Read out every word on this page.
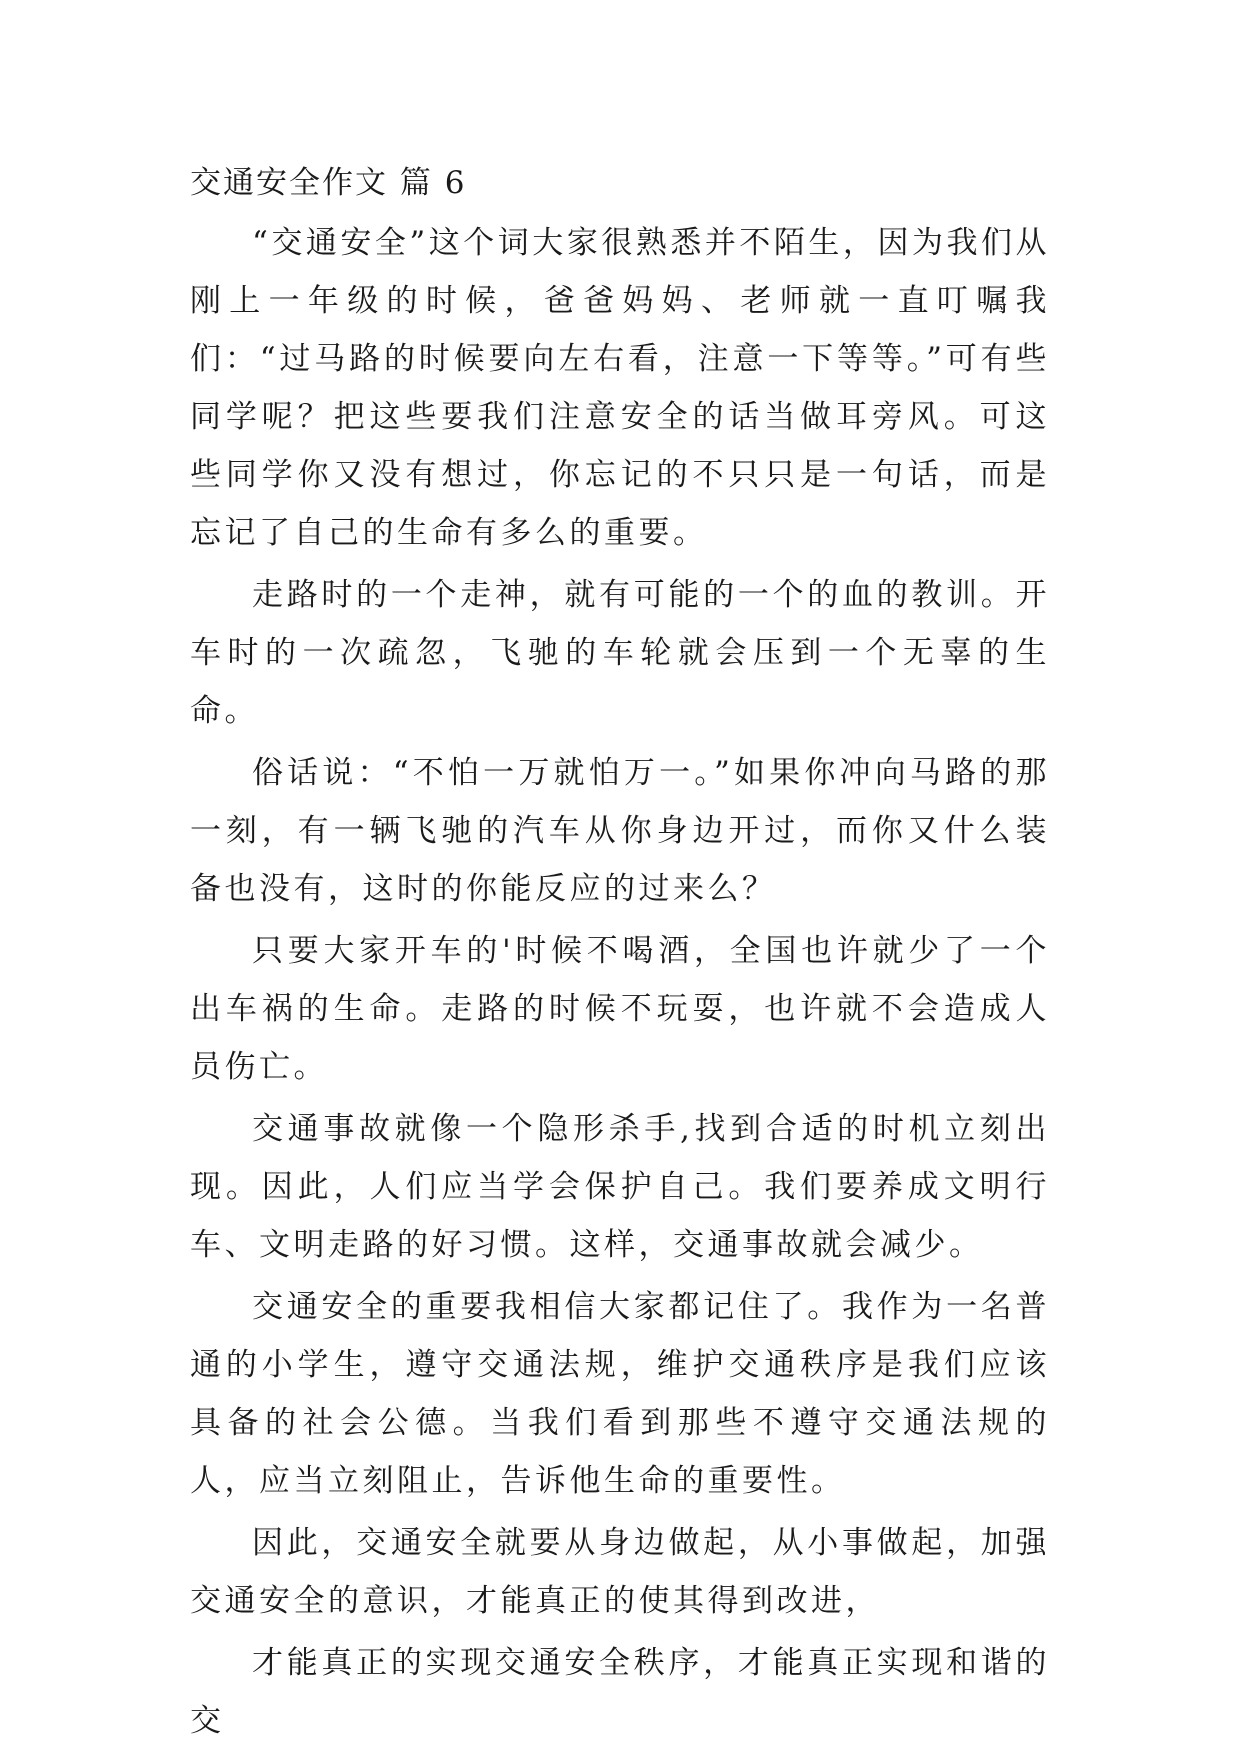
交通安全作文 篇 6

“交通安全”这个词大家很熟悉并不陌生，因为我们从刚上一年级的时候，爸爸妈妈、老师就一直叮嘱我们：“过马路的时候要向左右看，注意一下等等。”可有些同学呢？把这些要我们注意安全的话当做耳旁风。可这些同学你又没有想过，你忘记的不只只是一句话，而是忘记了自己的生命有多么的重要。

走路时的一个走神，就有可能的一个的血的教训。开车时的一次疏忽，飞驰的车轮就会压到一个无辜的生命。

俗话说：“不怕一万就怕万一。”如果你冲向马路的那一刻，有一辆飞驰的汽车从你身边开过，而你又什么装备也没有，这时的你能反应的过来么？

只要大家开车的'时候不喝酒，全国也许就少了一个出车祸的生命。走路的时候不玩耍，也许就不会造成人员伤亡。

交通事故就像一个隐形杀手,找到合适的时机立刻出现。因此，人们应当学会保护自己。我们要养成文明行车、文明走路的好习惯。这样，交通事故就会减少。

交通安全的重要我相信大家都记住了。我作为一名普通的小学生，遵守交通法规，维护交通秩序是我们应该具备的社会公德。当我们看到那些不遵守交通法规的人，应当立刻阻止，告诉他生命的重要性。

因此，交通安全就要从身边做起，从小事做起，加强交通安全的意识，才能真正的使其得到改进，

才能真正的实现交通安全秩序，才能真正实现和谐的交
